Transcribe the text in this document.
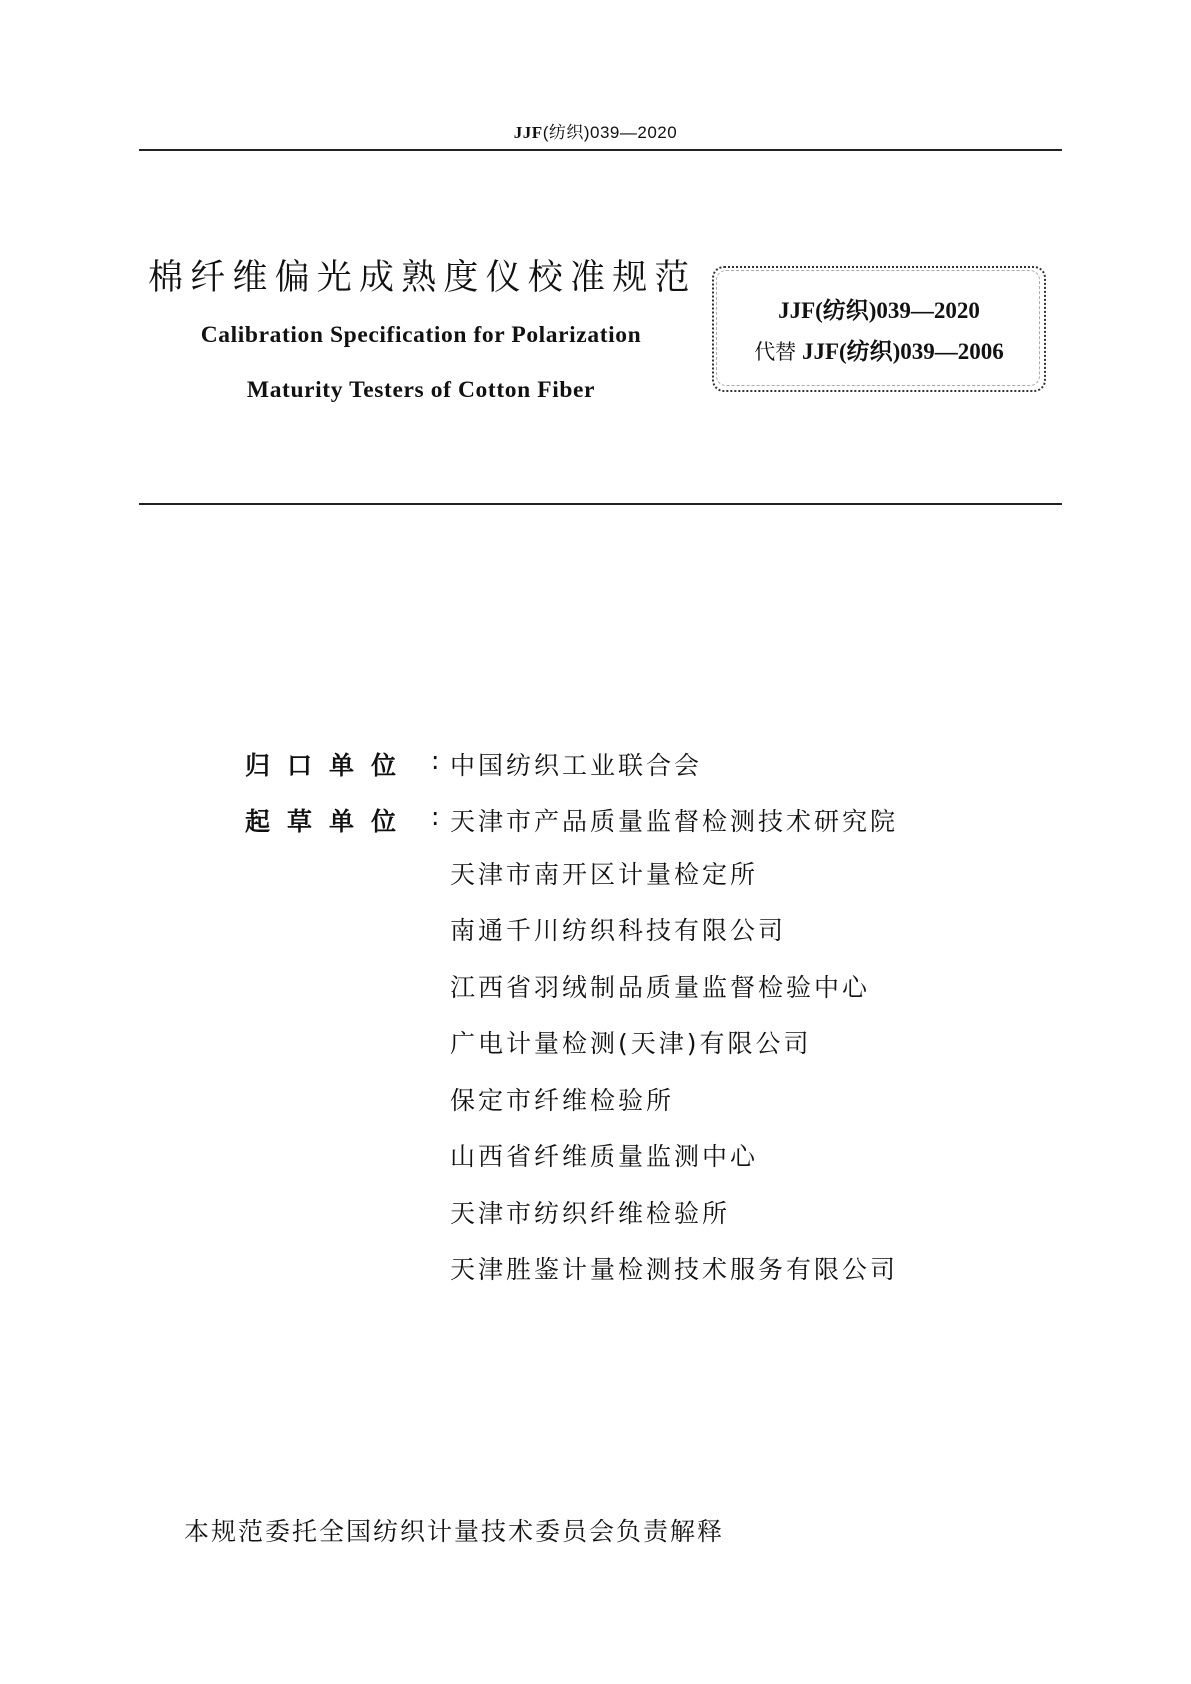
JJF(纺织)039—2020
棉纤维偏光成熟度仪校准规范
Calibration Specification for Polarization
Maturity Testers of Cotton Fiber
JJF(纺织)039—2020
代替 JJF(纺织)039—2006
归口单位 : 中国纺织工业联合会
起草单位 : 天津市产品质量监督检测技术研究院
天津市南开区计量检定所
南通千川纺织科技有限公司
江西省羽绒制品质量监督检验中心
广电计量检测(天津)有限公司
保定市纤维检验所
山西省纤维质量监测中心
天津市纺织纤维检验所
天津胜鉴计量检测技术服务有限公司
本规范委托全国纺织计量技术委员会负责解释
